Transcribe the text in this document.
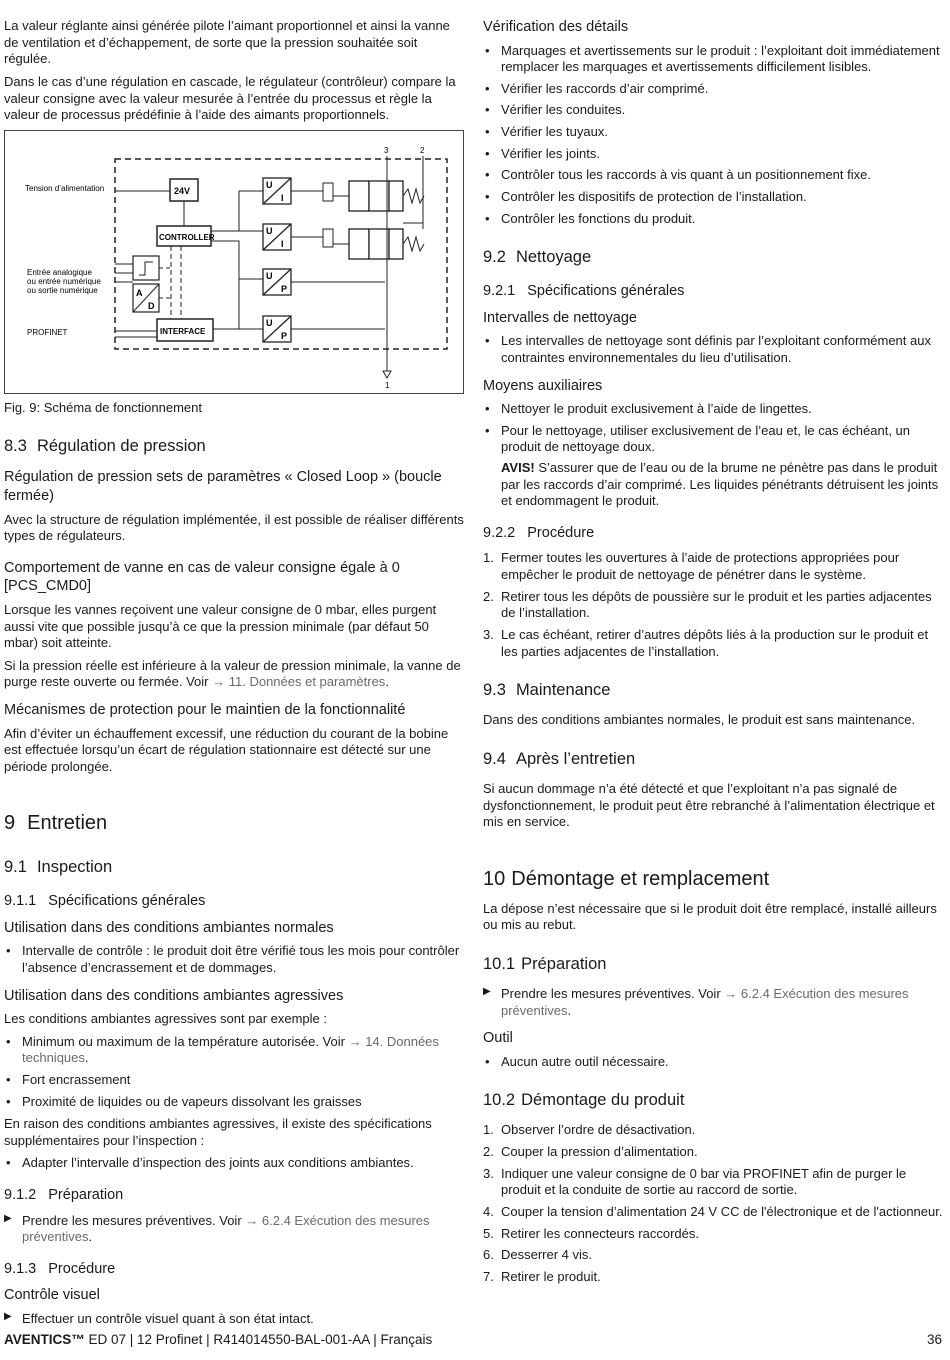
La valeur réglante ainsi générée pilote l’aimant proportionnel et ainsi la vanne de ventilation et d’échappement, de sorte que la pression souhaitée soit régulée.

Dans le cas d’une régulation en cascade, le régulateur (contrôleur) compare la valeur consigne avec la valeur mesurée à l’entrée du processus et règle la valeur de processus prédéfinie à l’aide des aimants proportionnels.

Tension d’alimentation
Entrée analogique
ou entrée numérique
ou sortie numérique
PROFINET
24V
CONTROLLER
A
D
INTERFACE
U
I
U
I
U
P
U
P
3	2
1

Fig. 9: Schéma de fonctionnement

8.3 Régulation de pression
Régulation de pression sets de paramètres « Closed Loop » (boucle fermée)

Avec la structure de régulation implémentée, il est possible de réaliser différents types de régulateurs.

Comportement de vanne en cas de valeur consigne égale à 0 [PCS_CMD0]

Lorsque les vannes reçoivent une valeur consigne de 0 mbar, elles purgent aussi vite que possible jusqu’à ce que la pression minimale (par défaut 50 mbar) soit atteinte.

Si la pression réelle est inférieure à la valeur de pression minimale, la vanne de purge reste ouverte ou fermée. Voir → 11. Données et paramètres.

Mécanismes de protection pour le maintien de la fonctionnalité

Afin d’éviter un échauffement excessif, une réduction du courant de la bobine est effectuée lorsqu’un écart de régulation stationnaire est détecté sur une période prolongée.

9 Entretien
9.1 Inspection
9.1.1 Spécifications générales
Utilisation dans des conditions ambiantes normales
• Intervalle de contrôle : le produit doit être vérifié tous les mois pour contrôler l’absence d’encrassement et de dommages.
Utilisation dans des conditions ambiantes agressives

Les conditions ambiantes agressives sont par exemple :

• Minimum ou maximum de la température autorisée. Voir → 14. Données techniques.
• Fort encrassement
• Proximité de liquides ou de vapeurs dissolvant les graisses

En raison des conditions ambiantes agressives, il existe des spécifications supplémentaires pour l’inspection :

• Adapter l’intervalle d’inspection des joints aux conditions ambiantes.
9.1.2 Préparation
▶ Prendre les mesures préventives. Voir → 6.2.4 Exécution des mesures préventives.
9.1.3 Procédure
Contrôle visuel
▶ Effectuer un contrôle visuel quant à son état intact.
Vérification des détails
• Marquages et avertissements sur le produit : l’exploitant doit immédiatement remplacer les marquages et avertissements difficilement lisibles.
• Vérifier les raccords d’air comprimé.
• Vérifier les conduites.
• Vérifier les tuyaux.
• Vérifier les joints.
• Contrôler tous les raccords à vis quant à un positionnement fixe.
• Contrôler les dispositifs de protection de l’installation.
• Contrôler les fonctions du produit.
9.2 Nettoyage
9.2.1 Spécifications générales
Intervalles de nettoyage
• Les intervalles de nettoyage sont définis par l’exploitant conformément aux contraintes environnementales du lieu d’utilisation.
Moyens auxiliaires
• Nettoyer le produit exclusivement à l’aide de lingettes.
• Pour le nettoyage, utiliser exclusivement de l’eau et, le cas échéant, un produit de nettoyage doux.
AVIS! S’assurer que de l’eau ou de la brume ne pénètre pas dans le produit par les raccords d’air comprimé. Les liquides pénétrants détruisent les joints et endommagent le produit.
9.2.2 Procédure
1. Fermer toutes les ouvertures à l’aide de protections appropriées pour empêcher le produit de nettoyage de pénétrer dans le système.
2. Retirer tous les dépôts de poussière sur le produit et les parties adjacentes de l’installation.
3. Le cas échéant, retirer d’autres dépôts liés à la production sur le produit et les parties adjacentes de l’installation.
9.3 Maintenance

Dans des conditions ambiantes normales, le produit est sans maintenance.

9.4 Après l’entretien

Si aucun dommage n’a été détecté et que l’exploitant n’a pas signalé de dysfonctionnement, le produit peut être rebranché à l’alimentation électrique et mis en service.

10 Démontage et remplacement

La dépose n’est nécessaire que si le produit doit être remplacé, installé ailleurs ou mis au rebut.

10.1 Préparation
▶ Prendre les mesures préventives. Voir → 6.2.4 Exécution des mesures préventives.
Outil
• Aucun autre outil nécessaire.
10.2 Démontage du produit
1. Observer l’ordre de désactivation.
2. Couper la pression d’alimentation.
3. Indiquer une valeur consigne de 0 bar via PROFINET afin de purger le produit et la conduite de sortie au raccord de sortie.
4. Couper la tension d’alimentation 24 V CC de l'électronique et de l'actionneur.
5. Retirer les connecteurs raccordés.
6. Desserrer 4 vis.
7. Retirer le produit.
AVENTICS™ ED 07 | 12 Profinet | R414014550-BAL-001-AA | Français	36
